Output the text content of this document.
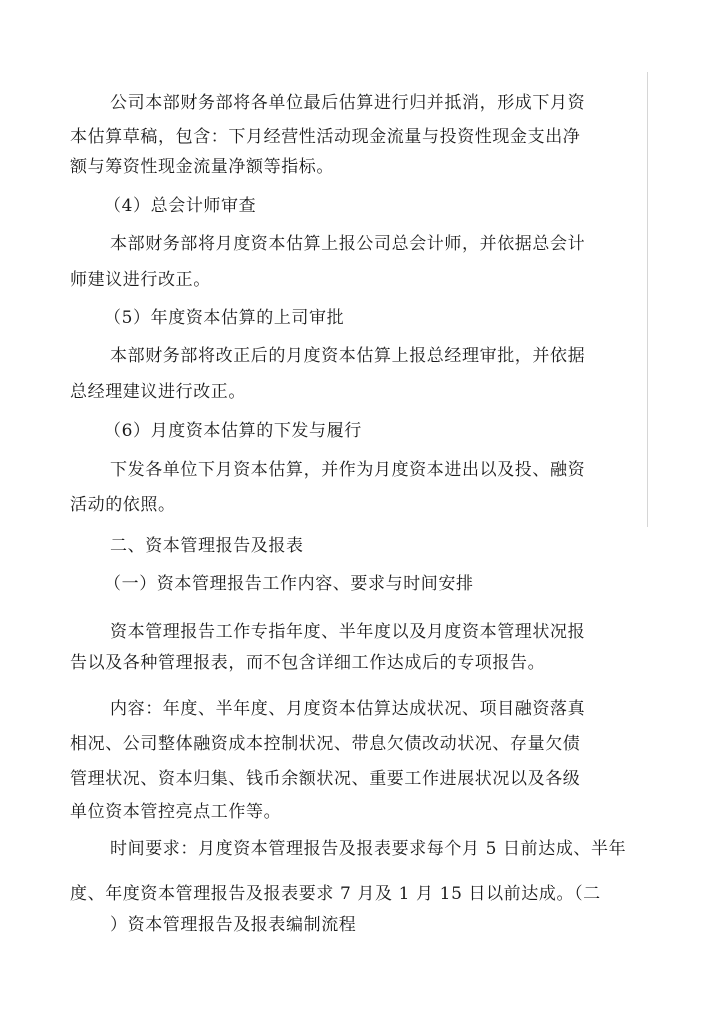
公司本部财务部将各单位最后估算进行归并抵消，形成下月资
本估算草稿，包含：下月经营性活动现金流量与投资性现金支出净
额与筹资性现金流量净额等指标。
（4）总会计师审查
本部财务部将月度资本估算上报公司总会计师，并依据总会计
师建议进行改正。
（5）年度资本估算的上司审批
本部财务部将改正后的月度资本估算上报总经理审批，并依据
总经理建议进行改正。
（6）月度资本估算的下发与履行
下发各单位下月资本估算，并作为月度资本进出以及投、融资
活动的依照。
二、资本管理报告及报表
（一）资本管理报告工作内容、要求与时间安排
资本管理报告工作专指年度、半年度以及月度资本管理状况报
告以及各种管理报表，而不包含详细工作达成后的专项报告。
内容：年度、半年度、月度资本估算达成状况、项目融资落真
相况、公司整体融资成本控制状况、带息欠债改动状况、存量欠债
管理状况、资本归集、钱币余额状况、重要工作进展状况以及各级
单位资本管控亮点工作等。
时间要求：月度资本管理报告及报表要求每个月 5 日前达成、半年
度、年度资本管理报告及报表要求 7 月及 1 月 15 日以前达成。（二
）资本管理报告及报表编制流程
